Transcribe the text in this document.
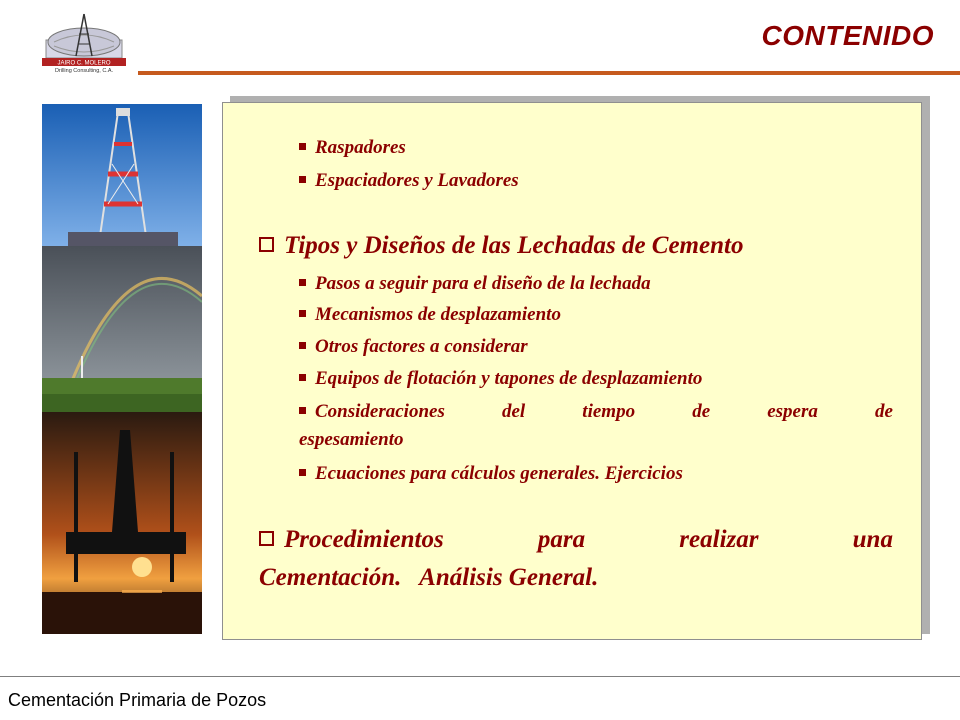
JAIRO C. MOLERO
Drilling Consulting, C.A.
CONTENIDO
Raspadores
Espaciadores y Lavadores
Tipos y Diseños de las Lechadas de Cemento
Pasos a seguir para el diseño de la lechada
Mecanismos de desplazamiento
Otros factores a considerar
Equipos de flotación y tapones de desplazamiento
Consideraciones	del	tiempo	de	espera	de
espesamiento
Ecuaciones para cálculos generales. Ejercicios
Procedimientos	para	realizar	una
Cementación.   Análisis General.

Cementación Primaria de Pozos
